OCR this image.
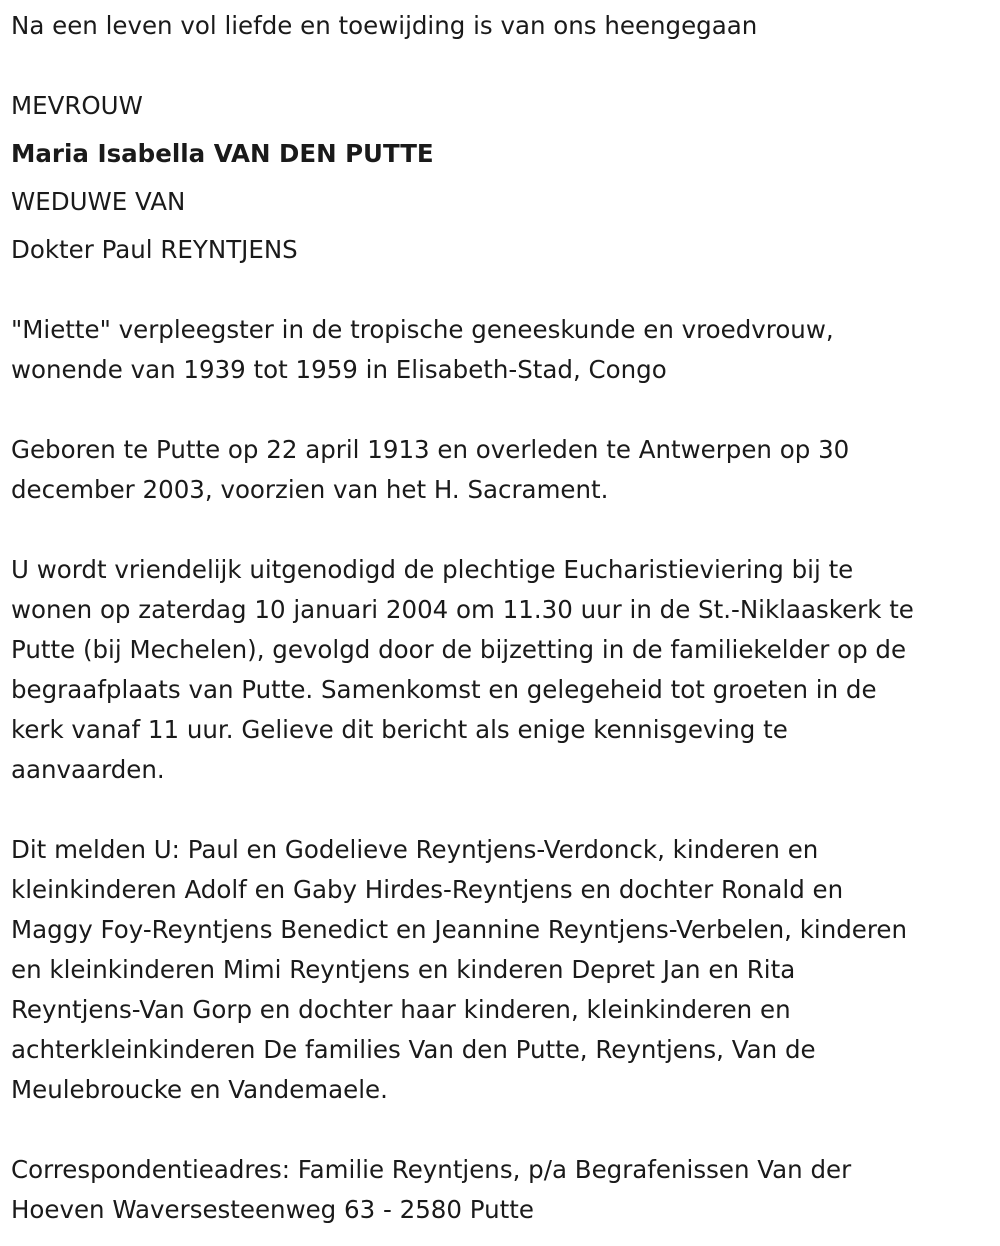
Na een leven vol liefde en toewijding is van ons heengegaan

MEVROUW

Maria Isabella VAN DEN PUTTE

WEDUWE VAN

Dokter Paul REYNTJENS

"Miette" verpleegster in de tropische geneeskunde en vroedvrouw,

wonende van 1939 tot 1959 in Elisabeth-Stad, Congo

Geboren te Putte op 22 april 1913 en overleden te Antwerpen op 30

december 2003, voorzien van het H. Sacrament.

U wordt vriendelijk uitgenodigd de plechtige Eucharistieviering bij te

wonen op zaterdag 10 januari 2004 om 11.30 uur in de St.-Niklaaskerk te

Putte (bij Mechelen), gevolgd door de bijzetting in de familiekelder op de

begraafplaats van Putte. Samenkomst en gelegeheid tot groeten in de

kerk vanaf 11 uur. Gelieve dit bericht als enige kennisgeving te

aanvaarden.

Dit melden U: Paul en Godelieve Reyntjens-Verdonck, kinderen en

kleinkinderen Adolf en Gaby Hirdes-Reyntjens en dochter Ronald en

Maggy Foy-Reyntjens Benedict en Jeannine Reyntjens-Verbelen, kinderen

en kleinkinderen Mimi Reyntjens en kinderen Depret Jan en Rita

Reyntjens-Van Gorp en dochter haar kinderen, kleinkinderen en

achterkleinkinderen De families Van den Putte, Reyntjens, Van de

Meulebroucke en Vandemaele.

Correspondentieadres: Familie Reyntjens, p/a Begrafenissen Van der

Hoeven Waversesteenweg 63 - 2580 Putte
